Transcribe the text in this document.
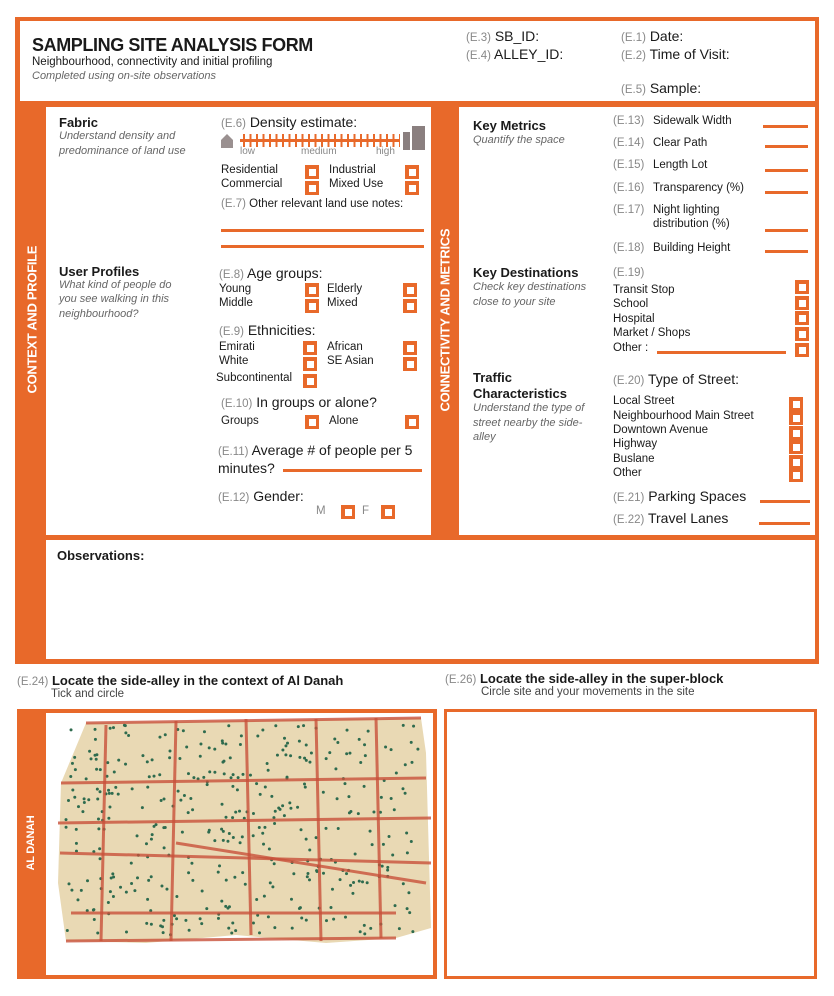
CONTEXT AND PROFILE	CONNECTIVITY AND METRICS
SAMPLING SITE ANALYSIS FORM
Neighbourhood, connectivity and initial profiling
Completed using on-site observations
(E.3) SB_ID:
(E.4) ALLEY_ID:
(E.1) Date:
(E.2) Time of Visit:
(E.5) Sample:
Fabric
Understand density and
predominance of land use
(E.6) Density estimate:
low	medium	high
Residential	Industrial
Commercial	Mixed Use
(E.7) Other relevant land use notes:
User Profiles
What kind of people do
you see walking in this
neighbourhood?
(E.8) Age groups:
Young	Elderly
Middle	Mixed
(E.9) Ethnicities:
Emirati	African
White	SE Asian
Subcontinental
(E.10) In groups or alone?
Groups	Alone
(E.11) Average # of people per 5
minutes?
(E.12) Gender:
M	F
Key Metrics
Quantify the space
(E.13) Sidewalk Width
(E.14) Clear Path
(E.15) Length Lot
(E.16) Transparency (%)
(E.17) Night lighting
distribution (%)
(E.18) Building Height
Key Destinations
Check key destinations
close to your site
(E.19)
Transit Stop
School
Hospital
Market / Shops
Other :
Traffic
Characteristics
Understand the type of
street nearby the side-
alley
(E.20) Type of Street:
Local Street
Neighbourhood Main Street
Downtown Avenue
Highway
Buslane
Other
(E.21) Parking Spaces
(E.22) Travel Lanes
Observations:
(E.24) Locate the side-alley in the context of Al Danah
Tick and circle
(E.26) Locate the side-alley in the super-block
Circle site and your movements in the site
AL DANAH
